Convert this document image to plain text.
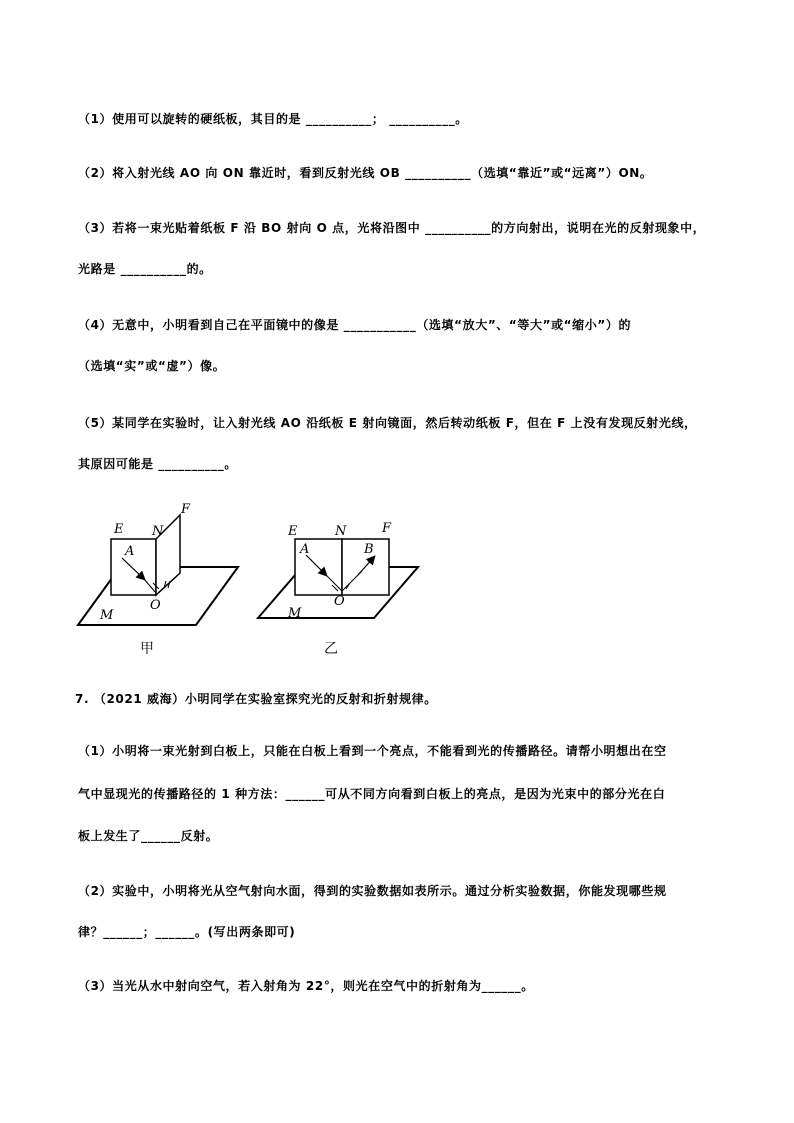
（1）使用可以旋转的硬纸板，其目的是 __________； __________。
（2）将入射光线 AO 向 ON 靠近时，看到反射光线 OB __________（选填“靠近”或“远离”）ON。
（3）若将一束光贴着纸板 F 沿 BO 射向 O 点，光将沿图中 __________的方向射出，说明在光的反射现象中，
光路是 __________的。
（4）无意中，小明看到自己在平面镜中的像是 ___________（选填“放大”、“等大”或“缩小”）的
（选填“实”或“虚”）像。
（5）某同学在实验时，让入射光线 AO 沿纸板 E 射向镜面，然后转动纸板 F，但在 F 上没有发现反射光线，
其原因可能是 __________。
E N
F
A
O
M
甲
E	N	F
A	B
O
M
乙
7. （2021 威海）小明同学在实验室探究光的反射和折射规律。
（1）小明将一束光射到白板上，只能在白板上看到一个亮点，不能看到光的传播路径。请帮小明想出在空
气中显现光的传播路径的 1 种方法：______可从不同方向看到白板上的亮点，是因为光束中的部分光在白
板上发生了______反射。
（2）实验中，小明将光从空气射向水面，得到的实验数据如表所示。通过分析实验数据，你能发现哪些规
律？______；______。(写出两条即可)
（3）当光从水中射向空气，若入射角为 22°，则光在空气中的折射角为______。
